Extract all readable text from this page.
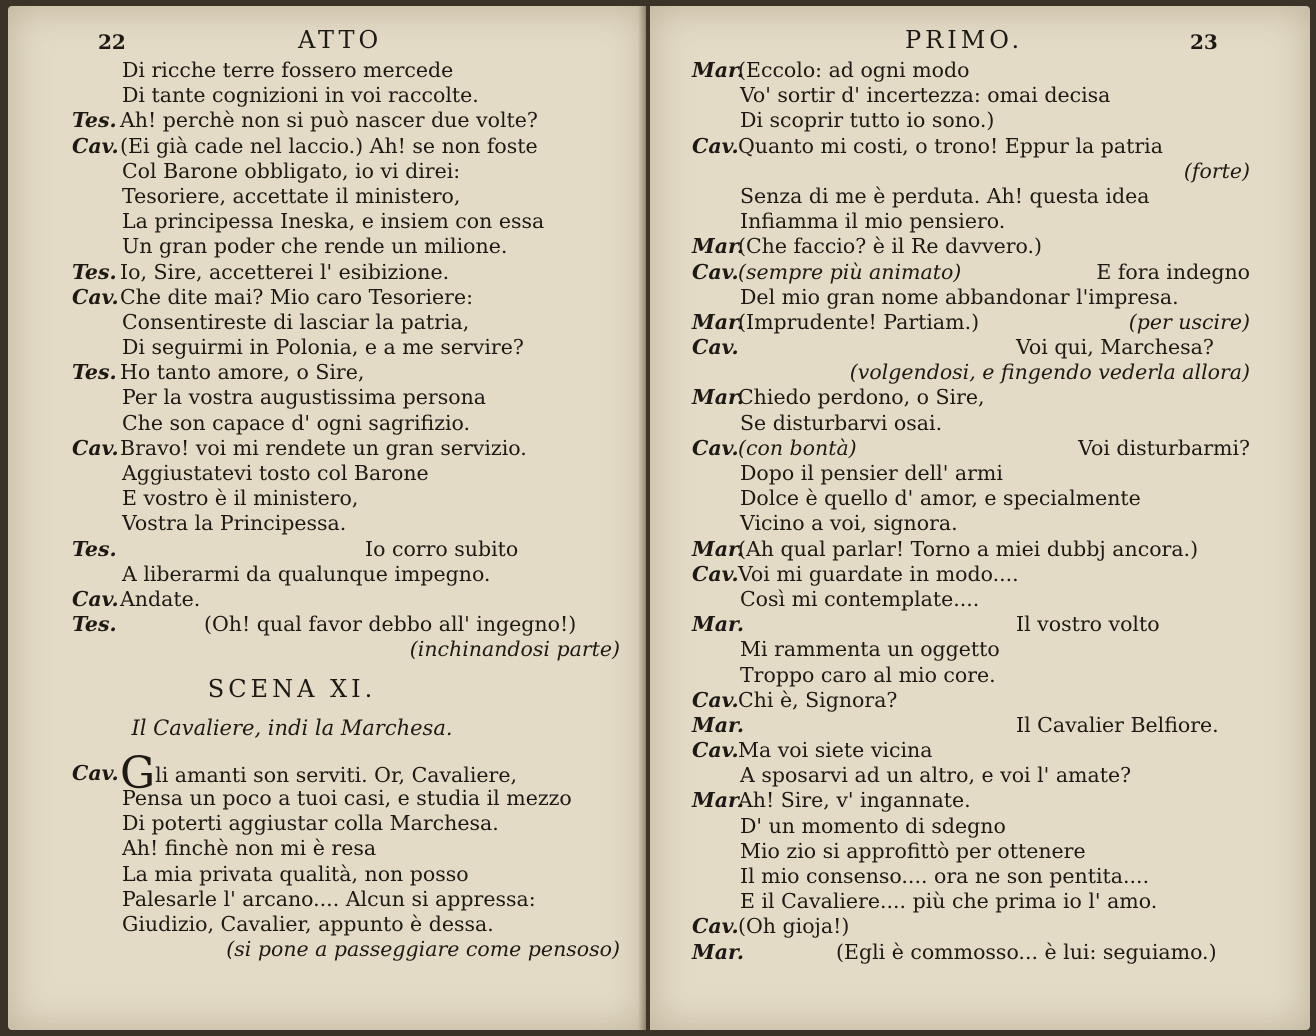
22	ATTO
Di ricche terre fossero mercede
Di tante cognizioni in voi raccolte.
Tes. Ah! perchè non si può nascer due volte?
Cav. (Ei già cade nel laccio.) Ah! se non foste
Col Barone obbligato, io vi direi:
Tesoriere, accettate il ministero,
La principessa Ineska, e insiem con essa
Un gran poder che rende un milione.
Tes. Io, Sire, accetterei l' esibizione.
Cav. Che dite mai? Mio caro Tesoriere:
Consentireste di lasciar la patria,
Di seguirmi in Polonia, e a me servire?
Tes. Ho tanto amore, o Sire,
Per la vostra augustissima persona
Che son capace d' ogni sagrifizio.
Cav. Bravo! voi mi rendete un gran servizio.
Aggiustatevi tosto col Barone
E vostro è il ministero,
Vostra la Principessa.
Tes.	Io corro subito
A liberarmi da qualunque impegno.
Cav. Andate.
Tes.	(Oh! qual favor debbo all' ingegno!)
(inchinandosi parte)
SCENA XI.
Il Cavaliere, indi la Marchesa.
Cav. Gli amanti son serviti. Or, Cavaliere,
Pensa un poco a tuoi casi, e studia il mezzo
Di poterti aggiustar colla Marchesa.
Ah! finchè non mi è resa
La mia privata qualità, non posso
Palesarle l' arcano.... Alcun si appressa:
Giudizio, Cavalier, appunto è dessa.
(si pone a passeggiare come pensoso)
PRIMO.	23
Mar.
(Eccolo: ad ogni modo
Vo' sortir d' incertezza: omai decisa
Di scoprir tutto io sono.)
Cav. Quanto mi costi, o trono! Eppur la patria
(forte)
Senza di me è perduta. Ah! questa idea
Infiamma il mio pensiero.
Mar.
(Che faccio? è il Re davvero.)
Cav. (sempre più animato)	E fora indegno
Del mio gran nome abbandonar l'impresa.
Mar.
(Imprudente! Partiam.)	(per uscire)
Cav.	Voi qui, Marchesa?
(volgendosi, e fingendo vederla allora)
Mar.
Chiedo perdono, o Sire,
Se disturbarvi osai.
Cav. (con bontà)	Voi disturbarmi?
Dopo il pensier dell' armi
Dolce è quello d' amor, e specialmente
Vicino a voi, signora.
Mar.
(Ah qual parlar! Torno a miei dubbj ancora.)
Cav. Voi mi guardate in modo....
Così mi contemplate....
Mar.	Il vostro volto
Mi rammenta un oggetto
Troppo caro al mio core.
Cav. Chi è, Signora?
Mar.	Il Cavalier Belfiore.
Cav. Ma voi siete vicina
A sposarvi ad un altro, e voi l' amate?
Mar.
Ah! Sire, v' ingannate.
D' un momento di sdegno
Mio zio si approfittò per ottenere
Il mio consenso.... ora ne son pentita....
E il Cavaliere.... più che prima io l' amo.
Cav. (Oh gioja!)
Mar.	(Egli è commosso... è lui: seguiamo.)
